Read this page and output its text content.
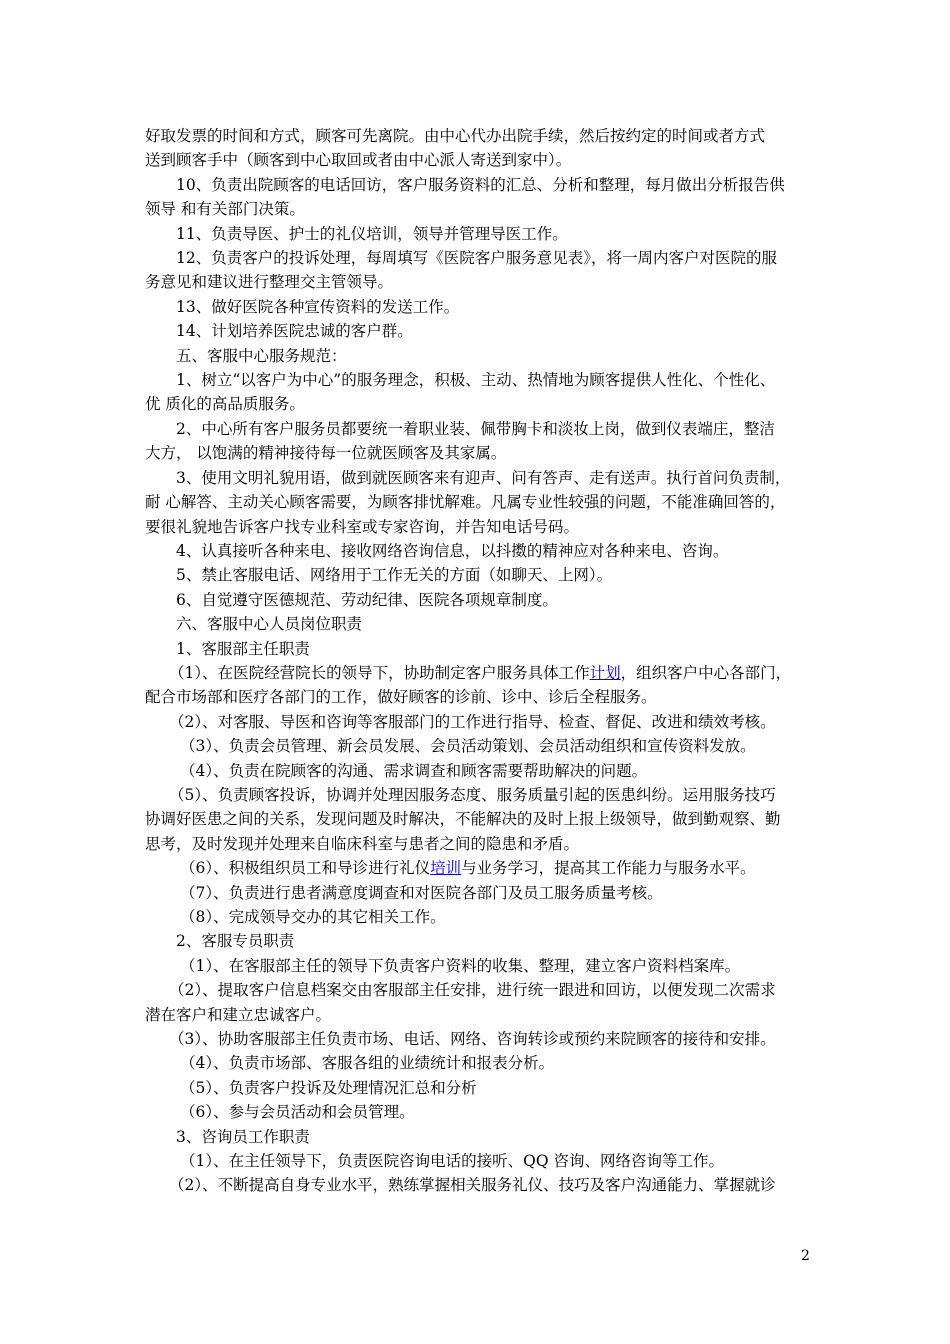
好取发票的时间和方式，顾客可先离院。由中心代办出院手续，然后按约定的时间或者方式

送到顾客手中（顾客到中心取回或者由中心派人寄送到家中）。

10、负责出院顾客的电话回访，客户服务资料的汇总、分析和整理，每月做出分析报告供

领导 和有关部门决策。

11、负责导医、护士的礼仪培训，领导并管理导医工作。

12、负责客户的投诉处理，每周填写《医院客户服务意见表》，将一周内客户对医院的服

务意见和建议进行整理交主管领导。

13、做好医院各种宣传资料的发送工作。

14、计划培养医院忠诚的客户群。

五、客服中心服务规范：

1、树立“以客户为中心”的服务理念，积极、主动、热情地为顾客提供人性化、个性化、

优 质化的高品质服务。

2、中心所有客户服务员都要统一着职业装、佩带胸卡和淡妆上岗，做到仪表端庄，整洁

大方， 以饱满的精神接待每一位就医顾客及其家属。

3、使用文明礼貌用语，做到就医顾客来有迎声、问有答声、走有送声。执行首问负责制，

耐 心解答、主动关心顾客需要，为顾客排忧解难。凡属专业性较强的问题，不能准确回答的，

要很礼貌地告诉客户找专业科室或专家咨询，并告知电话号码。

4、认真接听各种来电、接收网络咨询信息，以抖擞的精神应对各种来电、咨询。

5、禁止客服电话、网络用于工作无关的方面（如聊天、上网）。

6、自觉遵守医德规范、劳动纪律、医院各项规章制度。

六、客服中心人员岗位职责

1、客服部主任职责

（1）、在医院经营院长的领导下，协助制定客户服务具体工作计划，组织客户中心各部门，

配合市场部和医疗各部门的工作，做好顾客的诊前、诊中、诊后全程服务。

（2）、对客服、导医和咨询等客服部门的工作进行指导、检查、督促、改进和绩效考核。

（3）、负责会员管理、新会员发展、会员活动策划、会员活动组织和宣传资料发放。

（4）、负责在院顾客的沟通、需求调查和顾客需要帮助解决的问题。

（5）、负责顾客投诉，协调并处理因服务态度、服务质量引起的医患纠纷。运用服务技巧

协调好医患之间的关系，发现问题及时解决，不能解决的及时上报上级领导，做到勤观察、勤

思考，及时发现并处理来自临床科室与患者之间的隐患和矛盾。

（6）、积极组织员工和导诊进行礼仪培训与业务学习，提高其工作能力与服务水平。

（7）、负责进行患者满意度调查和对医院各部门及员工服务质量考核。

（8）、完成领导交办的其它相关工作。

2、客服专员职责

（1）、在客服部主任的领导下负责客户资料的收集、整理，建立客户资料档案库。

（2）、提取客户信息档案交由客服部主任安排，进行统一跟进和回访，以便发现二次需求

潜在客户和建立忠诚客户。

（3）、协助客服部主任负责市场、电话、网络、咨询转诊或预约来院顾客的接待和安排。

（4）、负责市场部、客服各组的业绩统计和报表分析。

（5）、负责客户投诉及处理情况汇总和分析

（6）、参与会员活动和会员管理。

3、咨询员工作职责

（1）、在主任领导下，负责医院咨询电话的接听、QQ 咨询、网络咨询等工作。

（2）、不断提高自身专业水平，熟练掌握相关服务礼仪、技巧及客户沟通能力、掌握就诊

2
